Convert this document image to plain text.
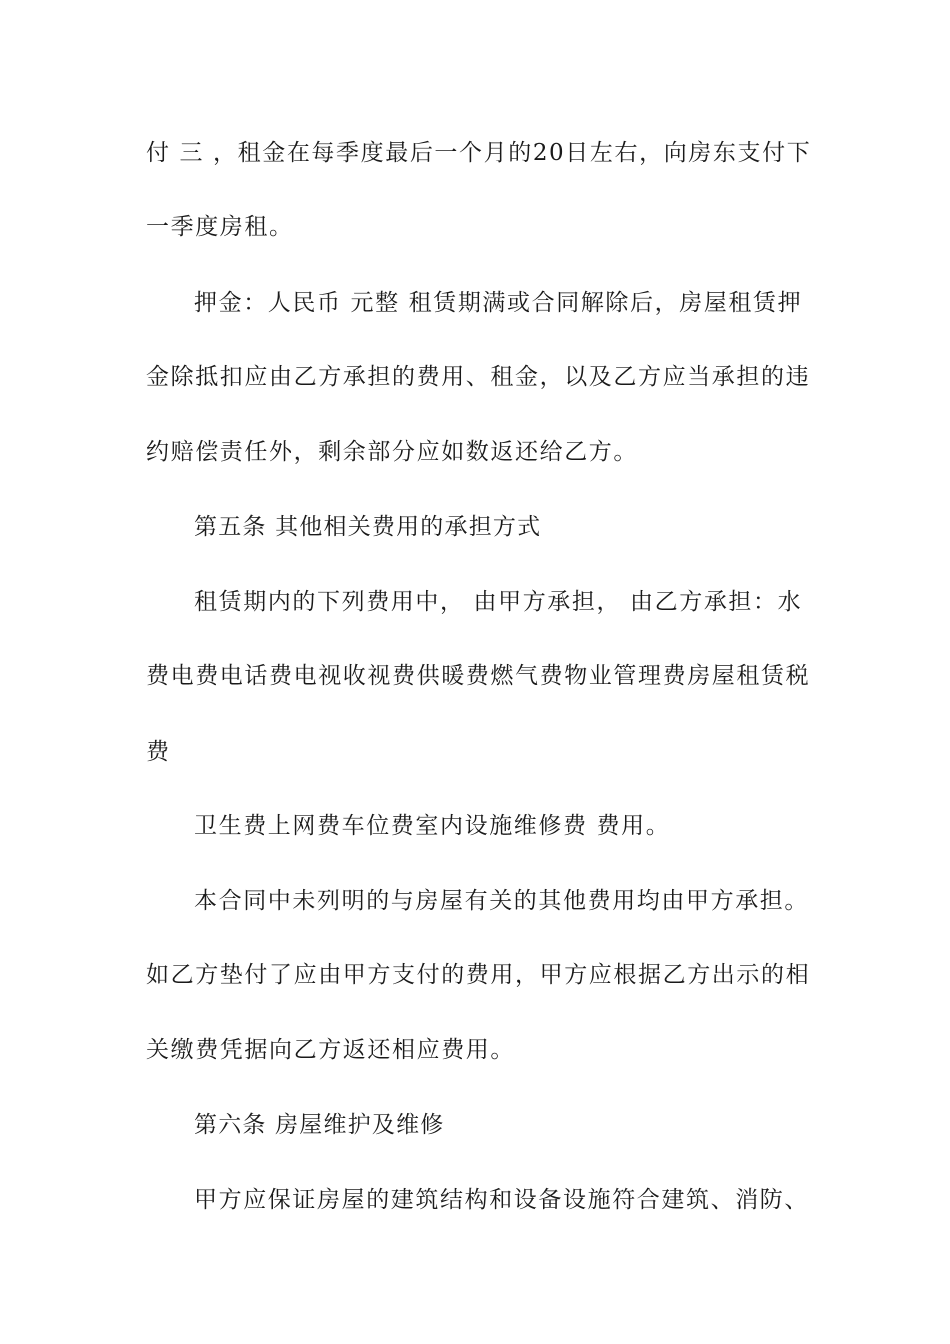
付 三 ，租金在每季度最后一个月的20日左右，向房东支付下
一季度房租。
押金：人民币 元整 租赁期满或合同解除后，房屋租赁押
金除抵扣应由乙方承担的费用、租金，以及乙方应当承担的违
约赔偿责任外，剩余部分应如数返还给乙方。
第五条 其他相关费用的承担方式
租赁期内的下列费用中， 由甲方承担， 由乙方承担：水
费电费电话费电视收视费供暖费燃气费物业管理费房屋租赁税
费
卫生费上网费车位费室内设施维修费 费用。
本合同中未列明的与房屋有关的其他费用均由甲方承担。
如乙方垫付了应由甲方支付的费用，甲方应根据乙方出示的相
关缴费凭据向乙方返还相应费用。
第六条 房屋维护及维修
甲方应保证房屋的建筑结构和设备设施符合建筑、消防、
